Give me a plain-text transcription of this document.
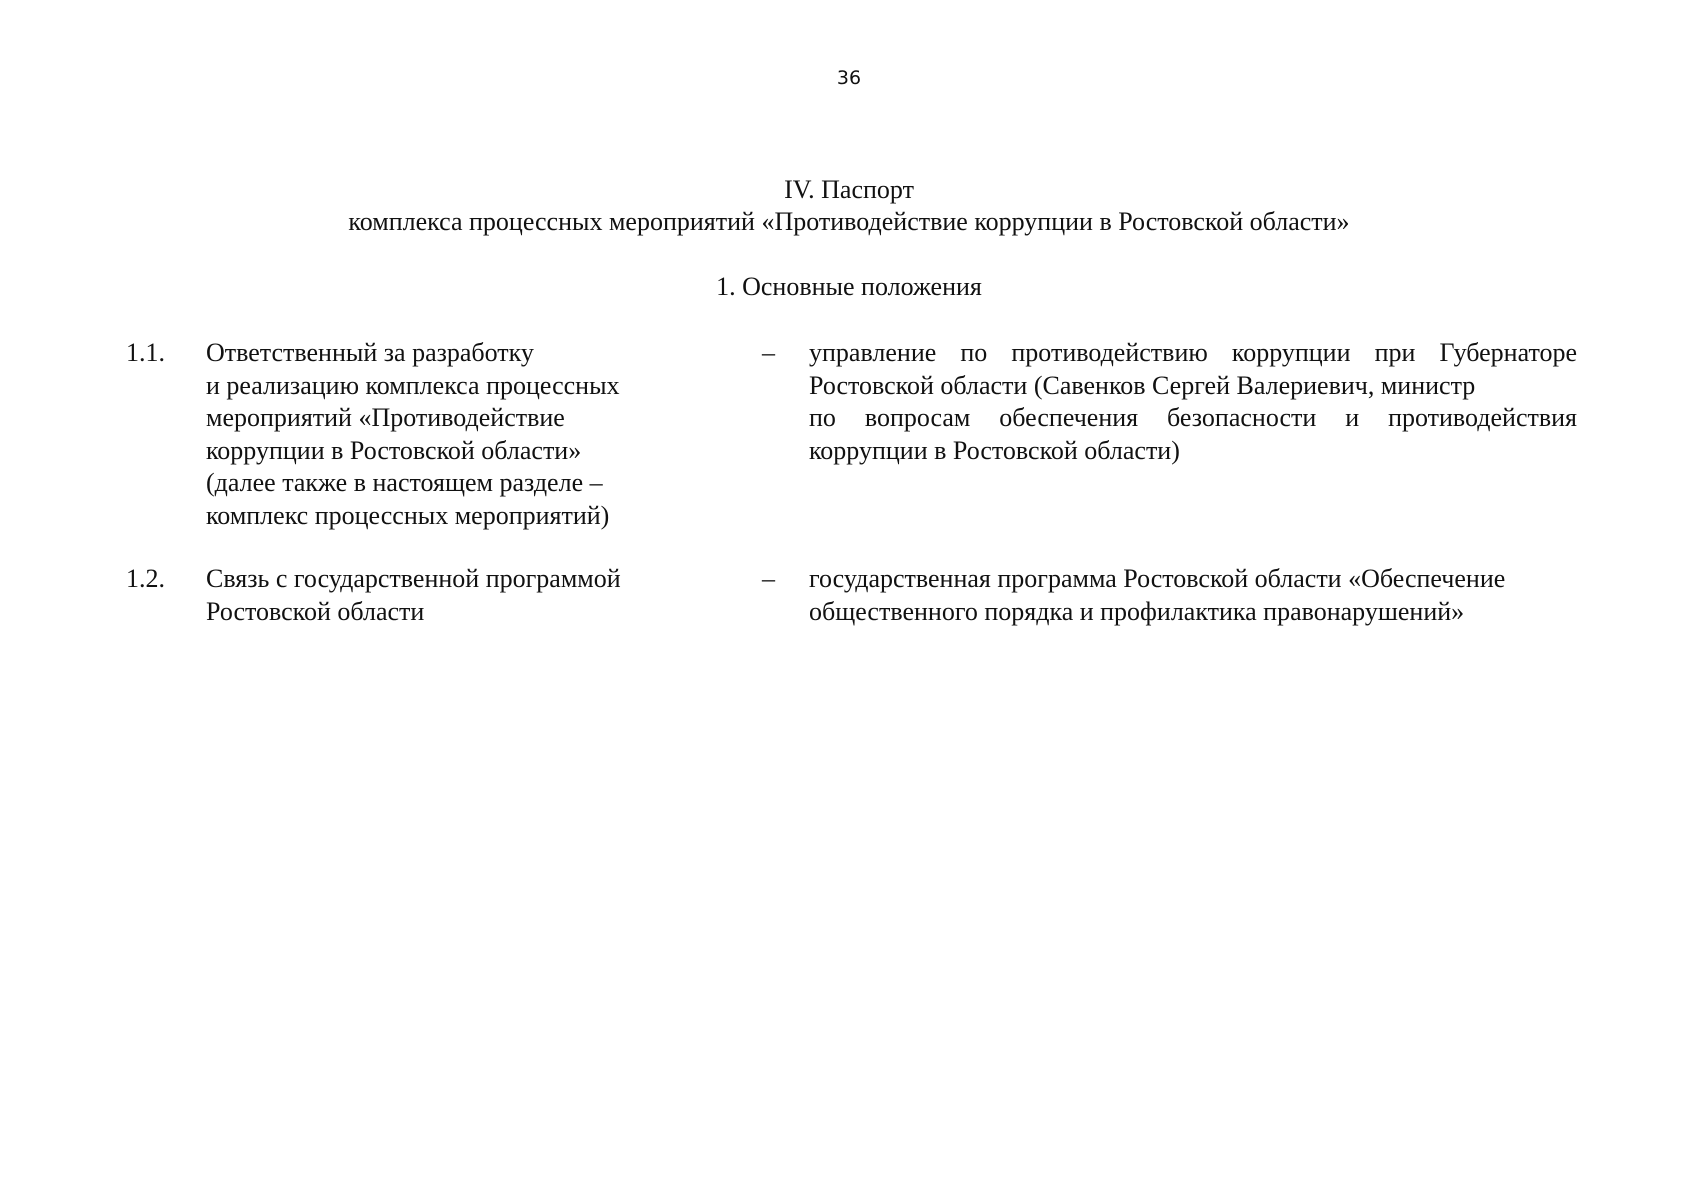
36
IV. Паспорт
комплекса процессных мероприятий «Противодействие коррупции в Ростовской области»
1. Основные положения
1.1. Ответственный за разработку
и реализацию комплекса процессных
мероприятий «Противодействие
коррупции в Ростовской области»
(далее также в настоящем разделе –
комплекс процессных мероприятий)
– управление по противодействию коррупции при Губернаторе
Ростовской области (Савенков Сергей Валериевич, министр
по вопросам обеспечения безопасности и противодействия
коррупции в Ростовской области)
1.2. Связь с государственной программой
Ростовской области
– государственная программа Ростовской области «Обеспечение
общественного порядка и профилактика правонарушений»
